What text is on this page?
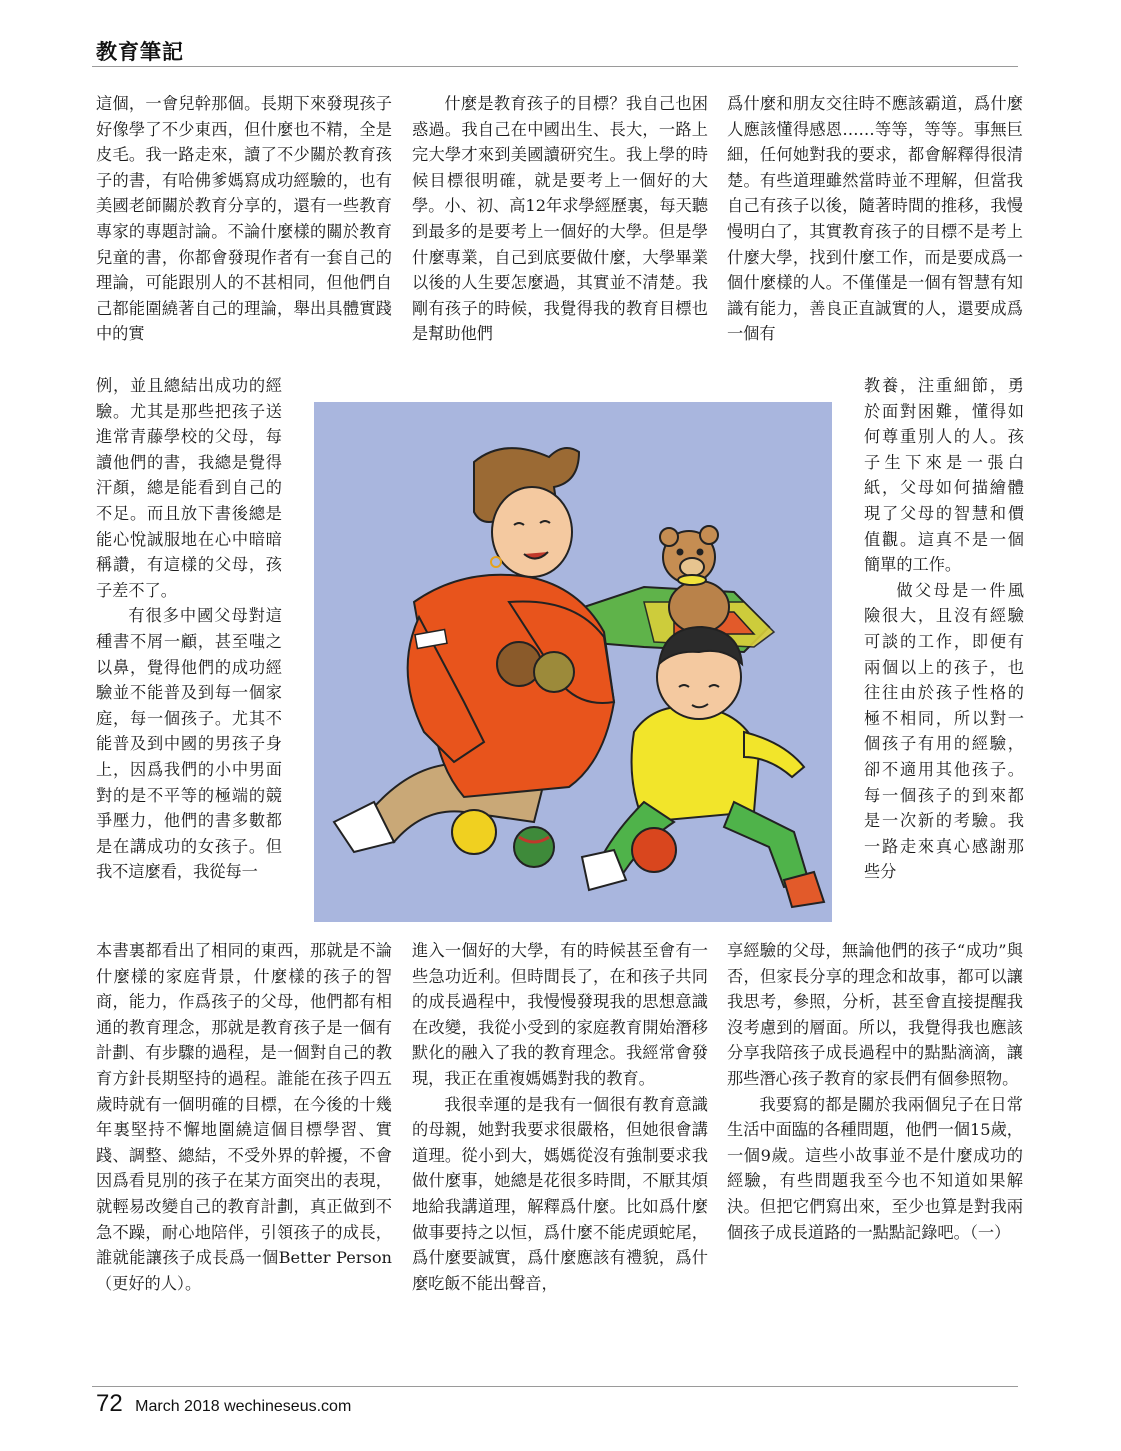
教育筆記

這個，一會兒幹那個。長期下來發現孩子好像學了不少東西，但什麼也不精，全是皮毛。我一路走來，讀了不少關於教育孩子的書，有哈佛爹媽寫成功經驗的，也有美國老師關於教育分享的，還有一些教育專家的專題討論。不論什麼樣的關於教育兒童的書，你都會發現作者有一套自己的理論，可能跟別人的不甚相同，但他們自己都能圍繞著自己的理論，舉出具體實踐中的實

例，並且總結出成功的經驗。尤其是那些把孩子送進常青藤學校的父母，每讀他們的書，我總是覺得汗顏，總是能看到自己的不足。而且放下書後總是能心悅誠服地在心中暗暗稱讚，有這樣的父母，孩子差不了。

有很多中國父母對這種書不屑一顧，甚至嗤之以鼻，覺得他們的成功經驗並不能普及到每一個家庭，每一個孩子。尤其不能普及到中國的男孩子身上，因爲我們的小中男面對的是不平等的極端的競爭壓力，他們的書多數都是在講成功的女孩子。但我不這麼看，我從每一

本書裏都看出了相同的東西，那就是不論什麼樣的家庭背景，什麼樣的孩子的智商，能力，作爲孩子的父母，他們都有相通的教育理念，那就是教育孩子是一個有計劃、有步驟的過程，是一個對自己的教育方針長期堅持的過程。誰能在孩子四五歲時就有一個明確的目標，在今後的十幾年裏堅持不懈地圍繞這個目標學習、實踐、調整、總結，不受外界的幹擾，不會因爲看見別的孩子在某方面突出的表現，就輕易改變自己的教育計劃，真正做到不急不躁，耐心地陪伴，引領孩子的成長，誰就能讓孩子成長爲一個Better Person（更好的人）。

什麼是教育孩子的目標？我自己也困惑過。我自己在中國出生、長大，一路上完大學才來到美國讀研究生。我上學的時候目標很明確，就是要考上一個好的大學。小、初、高12年求學經歷裏，每天聽到最多的是要考上一個好的大學。但是學什麼專業，自己到底要做什麼，大學畢業以後的人生要怎麼過，其實並不清楚。我剛有孩子的時候，我覺得我的教育目標也是幫助他們

進入一個好的大學，有的時候甚至會有一些急功近利。但時間長了，在和孩子共同的成長過程中，我慢慢發現我的思想意識在改變，我從小受到的家庭教育開始潛移默化的融入了我的教育理念。我經常會發現，我正在重複媽媽對我的教育。

我很幸運的是我有一個很有教育意識的母親，她對我要求很嚴格，但她很會講道理。從小到大，媽媽從沒有強制要求我做什麼事，她總是花很多時間，不厭其煩地給我講道理，解釋爲什麼。比如爲什麼做事要持之以恒，爲什麼不能虎頭蛇尾，爲什麼要誠實，爲什麼應該有禮貌，爲什麼吃飯不能出聲音，

爲什麼和朋友交往時不應該霸道，爲什麼人應該懂得感恩……等等，等等。事無巨細，任何她對我的要求，都會解釋得很清楚。有些道理雖然當時並不理解，但當我自己有孩子以後，隨著時間的推移，我慢慢明白了，其實教育孩子的目標不是考上什麼大學，找到什麼工作，而是要成爲一個什麼樣的人。不僅僅是一個有智慧有知識有能力，善良正直誠實的人，還要成爲一個有

教養，注重細節，勇於面對困難，懂得如何尊重別人的人。孩子生下來是一張白紙，父母如何描繪體現了父母的智慧和價值觀。這真不是一個簡單的工作。

做父母是一件風險很大，且沒有經驗可談的工作，即便有兩個以上的孩子，也往往由於孩子性格的極不相同，所以對一個孩子有用的經驗，卻不適用其他孩子。每一個孩子的到來都是一次新的考驗。我一路走來真心感謝那些分

享經驗的父母，無論他們的孩子“成功”與否，但家長分享的理念和故事，都可以讓我思考，參照，分析，甚至會直接提醒我沒考慮到的層面。所以，我覺得我也應該分享我陪孩子成長過程中的點點滴滴，讓那些潛心孩子教育的家長們有個參照物。

我要寫的都是關於我兩個兒子在日常生活中面臨的各種問題，他們一個15歲，一個9歲。這些小故事並不是什麼成功的經驗，有些問題我至今也不知道如果解決。但把它們寫出來，至少也算是對我兩個孩子成長道路的一點點記錄吧。（一）

72 March 2018 wechineseus.com
